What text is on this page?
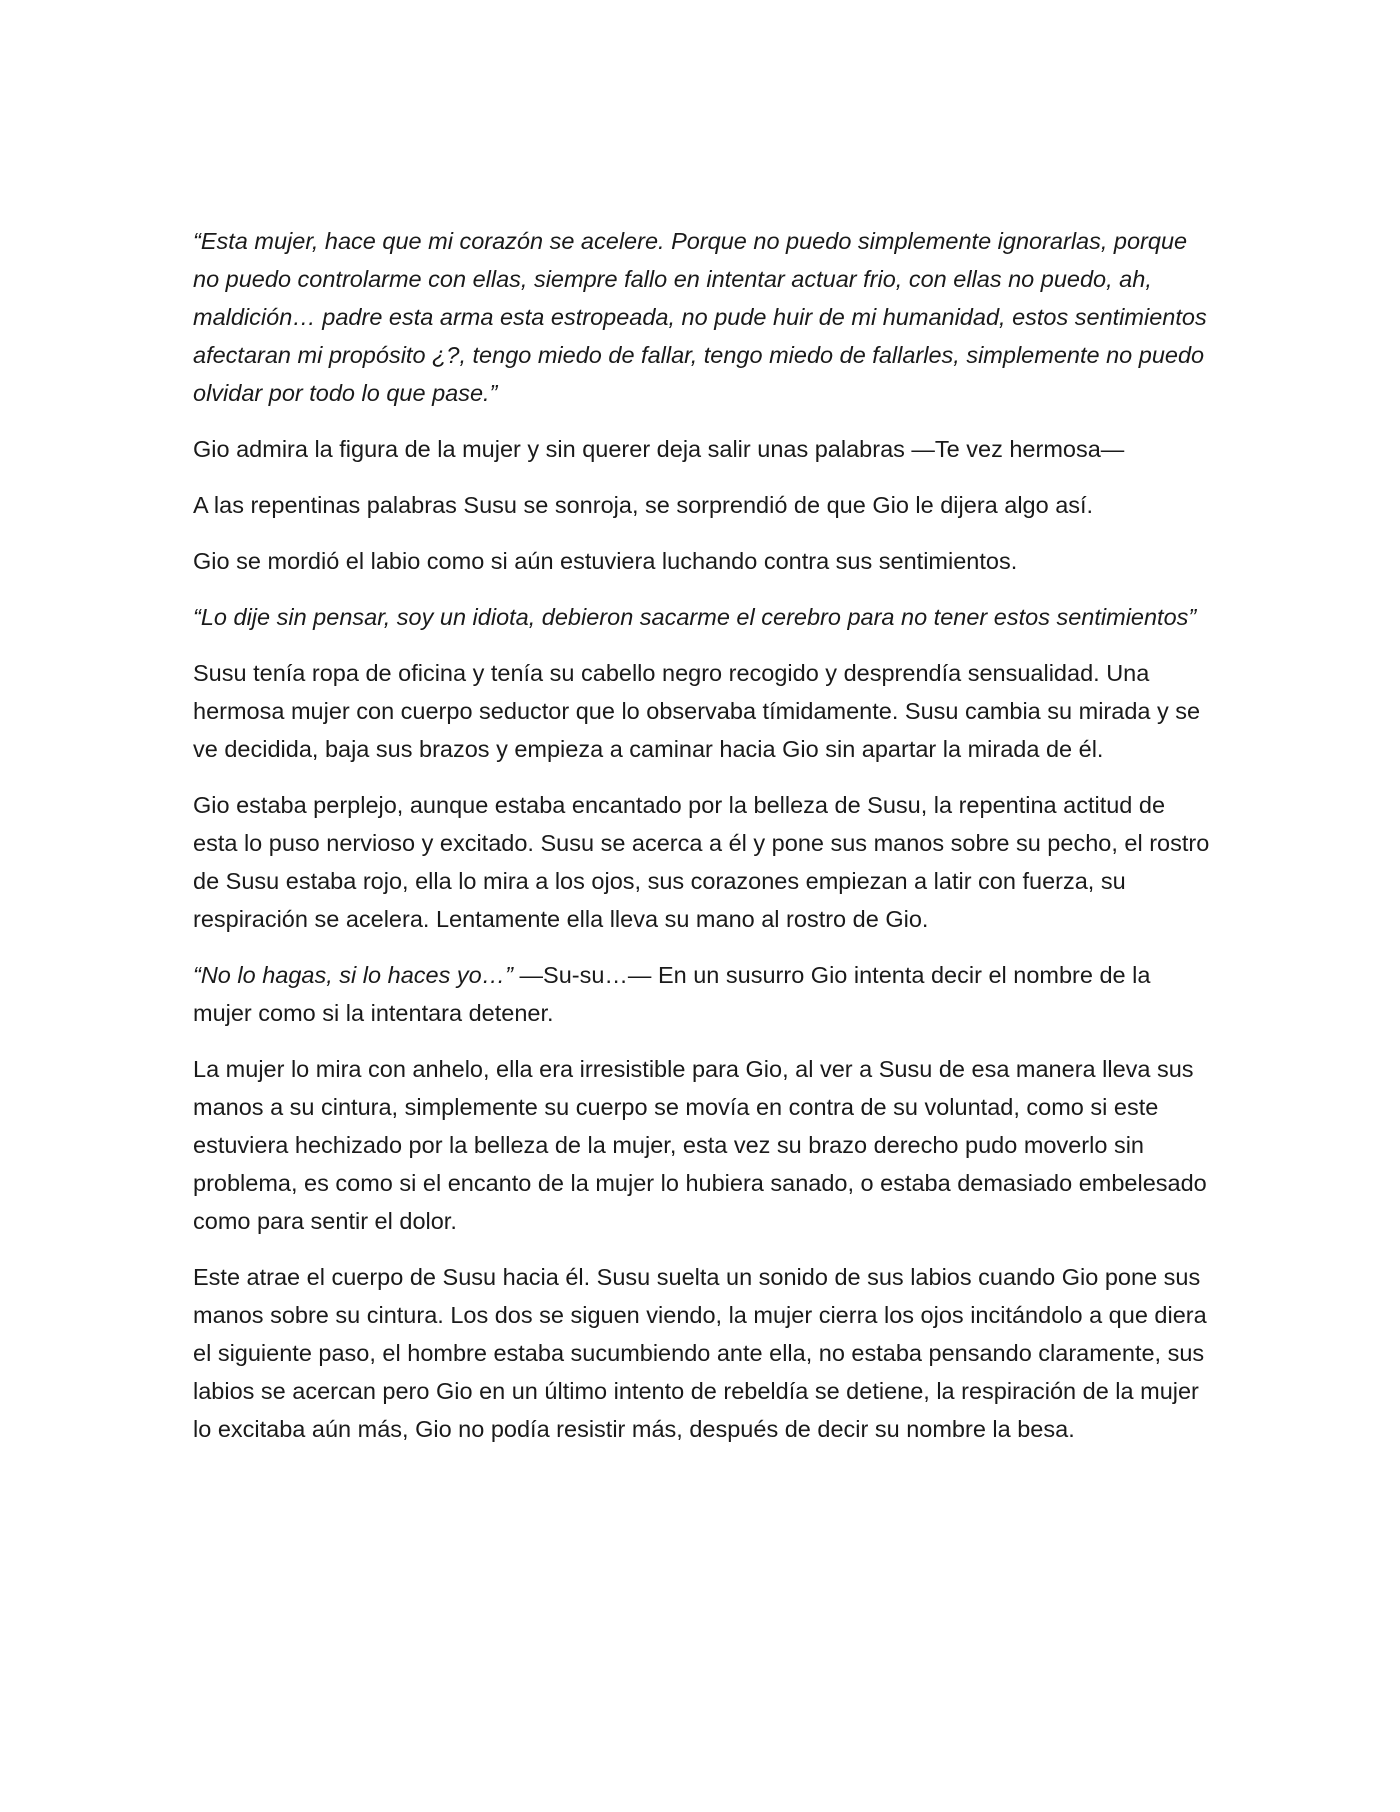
“Esta mujer, hace que mi corazón se acelere. Porque no puedo simplemente ignorarlas, porque no puedo controlarme con ellas, siempre fallo en intentar actuar frio, con ellas no puedo, ah, maldición… padre esta arma esta estropeada, no pude huir de mi humanidad, estos sentimientos afectaran mi propósito ¿?, tengo miedo de fallar, tengo miedo de fallarles, simplemente no puedo olvidar por todo lo que pase.”

Gio admira la figura de la mujer y sin querer deja salir unas palabras —Te vez hermosa—

A las repentinas palabras Susu se sonroja, se sorprendió de que Gio le dijera algo así.

Gio se mordió el labio como si aún estuviera luchando contra sus sentimientos.

“Lo dije sin pensar, soy un idiota, debieron sacarme el cerebro para no tener estos sentimientos”

Susu tenía ropa de oficina y tenía su cabello negro recogido y desprendía sensualidad. Una hermosa mujer con cuerpo seductor que lo observaba tímidamente. Susu cambia su mirada y se ve decidida, baja sus brazos y empieza a caminar hacia Gio sin apartar la mirada de él.

Gio estaba perplejo, aunque estaba encantado por la belleza de Susu, la repentina actitud de esta lo puso nervioso y excitado. Susu se acerca a él y pone sus manos sobre su pecho, el rostro de Susu estaba rojo, ella lo mira a los ojos, sus corazones empiezan a latir con fuerza, su respiración se acelera. Lentamente ella lleva su mano al rostro de Gio.

“No lo hagas, si lo haces yo…” —Su-su…— En un susurro Gio intenta decir el nombre de la mujer como si la intentara detener.

La mujer lo mira con anhelo, ella era irresistible para Gio, al ver a Susu de esa manera lleva sus manos a su cintura, simplemente su cuerpo se movía en contra de su voluntad, como si este estuviera hechizado por la belleza de la mujer, esta vez su brazo derecho pudo moverlo sin problema, es como si el encanto de la mujer lo hubiera sanado, o estaba demasiado embelesado como para sentir el dolor.

Este atrae el cuerpo de Susu hacia él. Susu suelta un sonido de sus labios cuando Gio pone sus manos sobre su cintura. Los dos se siguen viendo, la mujer cierra los ojos incitándolo a que diera el siguiente paso, el hombre estaba sucumbiendo ante ella, no estaba pensando claramente, sus labios se acercan pero Gio en un último intento de rebeldía se detiene, la respiración de la mujer lo excitaba aún más, Gio no podía resistir más, después de decir su nombre la besa.
